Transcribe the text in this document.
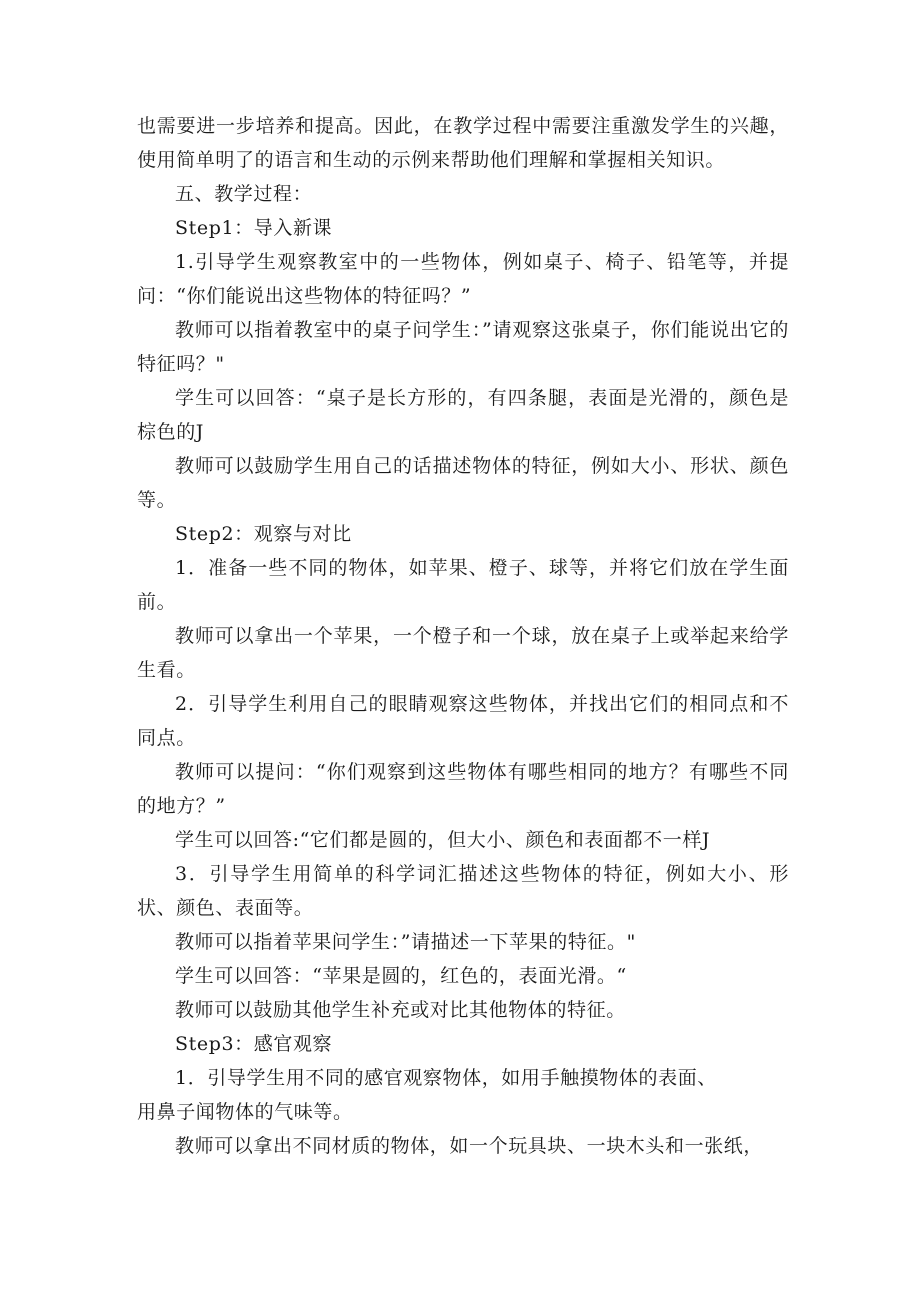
也需要进一步培养和提高。因此，在教学过程中需要注重激发学生的兴趣，使用简单明了的语言和生动的示例来帮助他们理解和掌握相关知识。

五、教学过程：

Step1：导入新课

1.引导学生观察教室中的一些物体，例如桌子、椅子、铅笔等，并提问：“你们能说出这些物体的特征吗？”

教师可以指着教室中的桌子问学生：”请观察这张桌子，你们能说出它的特征吗？"

学生可以回答：“桌子是长方形的，有四条腿，表面是光滑的，颜色是棕色的J

教师可以鼓励学生用自己的话描述物体的特征，例如大小、形状、颜色等。

Step2：观察与对比

1．准备一些不同的物体，如苹果、橙子、球等，并将它们放在学生面前。

教师可以拿出一个苹果，一个橙子和一个球，放在桌子上或举起来给学生看。

2．引导学生利用自己的眼睛观察这些物体，并找出它们的相同点和不同点。

教师可以提问：“你们观察到这些物体有哪些相同的地方？有哪些不同的地方？”

学生可以回答:“它们都是圆的，但大小、颜色和表面都不一样J

3．引导学生用简单的科学词汇描述这些物体的特征，例如大小、形状、颜色、表面等。

教师可以指着苹果问学生：”请描述一下苹果的特征。"

学生可以回答：“苹果是圆的，红色的，表面光滑。“

教师可以鼓励其他学生补充或对比其他物体的特征。

Step3：感官观察

1．引导学生用不同的感官观察物体，如用手触摸物体的表面、

用鼻子闻物体的气味等。

教师可以拿出不同材质的物体，如一个玩具块、一块木头和一张纸，
